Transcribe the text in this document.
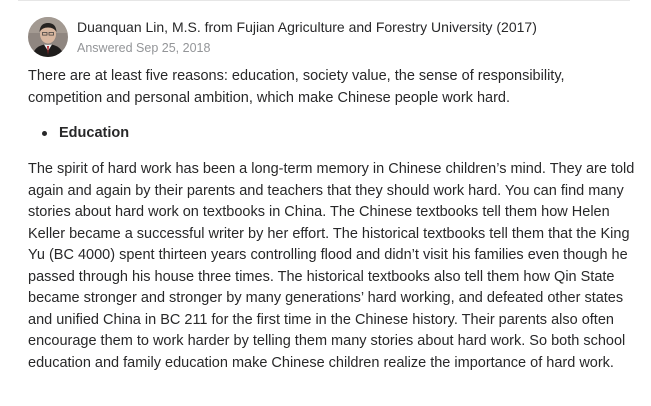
Duanquan Lin, M.S. from Fujian Agriculture and Forestry University (2017)
Answered Sep 25, 2018

There are at least five reasons: education, society value, the sense of responsibility, competition and personal ambition, which make Chinese people work hard.

Education

The spirit of hard work has been a long-term memory in Chinese children’s mind. They are told again and again by their parents and teachers that they should work hard. You can find many stories about hard work on textbooks in China. The Chinese textbooks tell them how Helen Keller became a successful writer by her effort. The historical textbooks tell them that the King Yu (BC 4000) spent thirteen years controlling flood and didn’t visit his families even though he passed through his house three times. The historical textbooks also tell them how Qin State became stronger and stronger by many generations’ hard working, and defeated other states and unified China in BC 211 for the first time in the Chinese history. Their parents also often encourage them to work harder by telling them many stories about hard work. So both school education and family education make Chinese children realize the importance of hard work.
